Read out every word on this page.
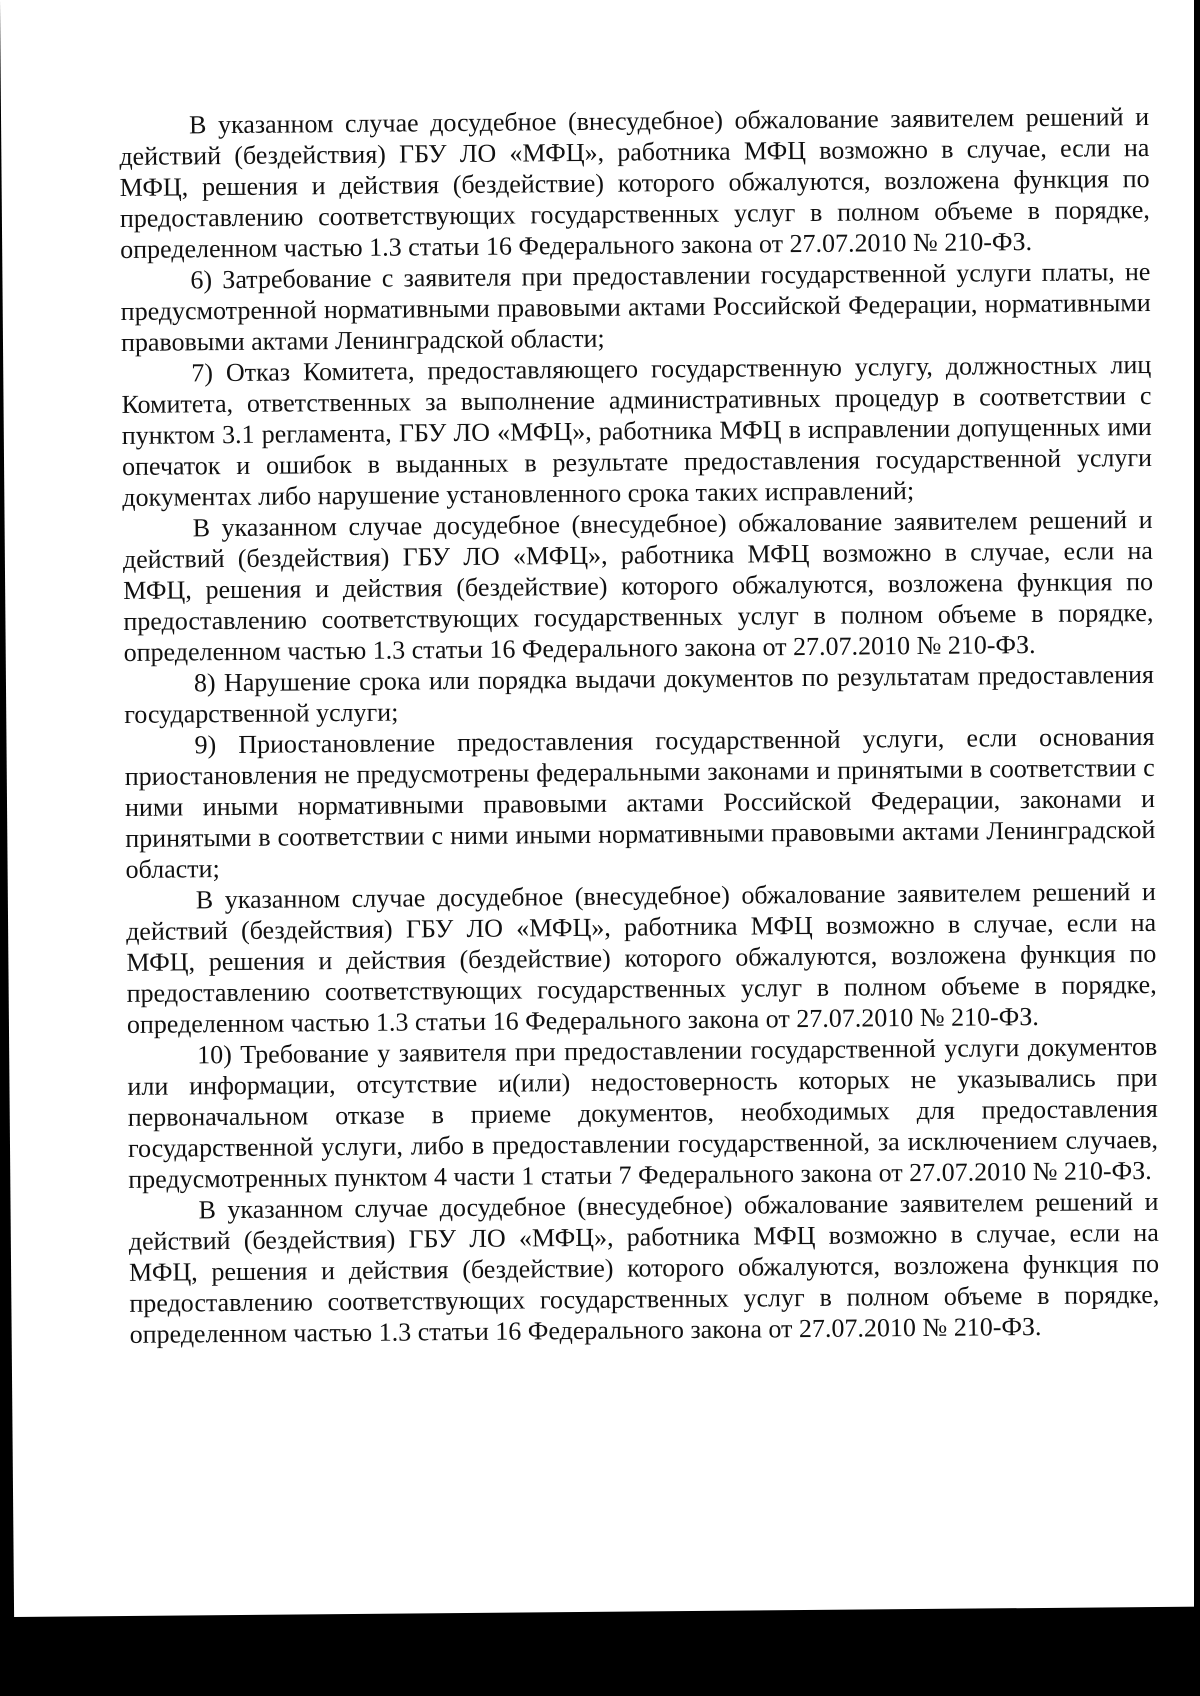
В указанном случае досудебное (внесудебное) обжалование заявителем решений и действий (бездействия) ГБУ ЛО «МФЦ», работника МФЦ возможно в случае, если на МФЦ, решения и действия (бездействие) которого обжалуются, возложена функция по предоставлению соответствующих государственных услуг в полном объеме в порядке, определенном частью 1.3 статьи 16 Федерального закона от 27.07.2010 № 210-ФЗ.

6) Затребование с заявителя при предоставлении государственной услуги платы, не предусмотренной нормативными правовыми актами Российской Федерации, нормативными правовыми актами Ленинградской области;

7) Отказ Комитета, предоставляющего государственную услугу, должностных лиц Комитета, ответственных за выполнение административных процедур в соответствии с пунктом 3.1 регламента, ГБУ ЛО «МФЦ», работника МФЦ в исправлении допущенных ими опечаток и ошибок в выданных в результате предоставления государственной услуги документах либо нарушение установленного срока таких исправлений;

В указанном случае досудебное (внесудебное) обжалование заявителем решений и действий (бездействия) ГБУ ЛО «МФЦ», работника МФЦ возможно в случае, если на МФЦ, решения и действия (бездействие) которого обжалуются, возложена функция по предоставлению соответствующих государственных услуг в полном объеме в порядке, определенном частью 1.3 статьи 16 Федерального закона от 27.07.2010 № 210-ФЗ.

8) Нарушение срока или порядка выдачи документов по результатам предоставления государственной услуги;

9) Приостановление предоставления государственной услуги, если основания приостановления не предусмотрены федеральными законами и принятыми в соответствии с ними иными нормативными правовыми актами Российской Федерации, законами и принятыми в соответствии с ними иными нормативными правовыми актами Ленинградской области;

В указанном случае досудебное (внесудебное) обжалование заявителем решений и действий (бездействия) ГБУ ЛО «МФЦ», работника МФЦ возможно в случае, если на МФЦ, решения и действия (бездействие) которого обжалуются, возложена функция по предоставлению соответствующих государственных услуг в полном объеме в порядке, определенном частью 1.3 статьи 16 Федерального закона от 27.07.2010 № 210-ФЗ.

10) Требование у заявителя при предоставлении государственной услуги документов или информации, отсутствие и(или) недостоверность которых не указывались при первоначальном отказе в приеме документов, необходимых для предоставления государственной услуги, либо в предоставлении государственной, за исключением случаев, предусмотренных пунктом 4 части 1 статьи 7 Федерального закона от 27.07.2010 № 210-ФЗ.

В указанном случае досудебное (внесудебное) обжалование заявителем решений и действий (бездействия) ГБУ ЛО «МФЦ», работника МФЦ возможно в случае, если на МФЦ, решения и действия (бездействие) которого обжалуются, возложена функция по предоставлению соответствующих государственных услуг в полном объеме в порядке, определенном частью 1.3 статьи 16 Федерального закона от 27.07.2010 № 210-ФЗ.
